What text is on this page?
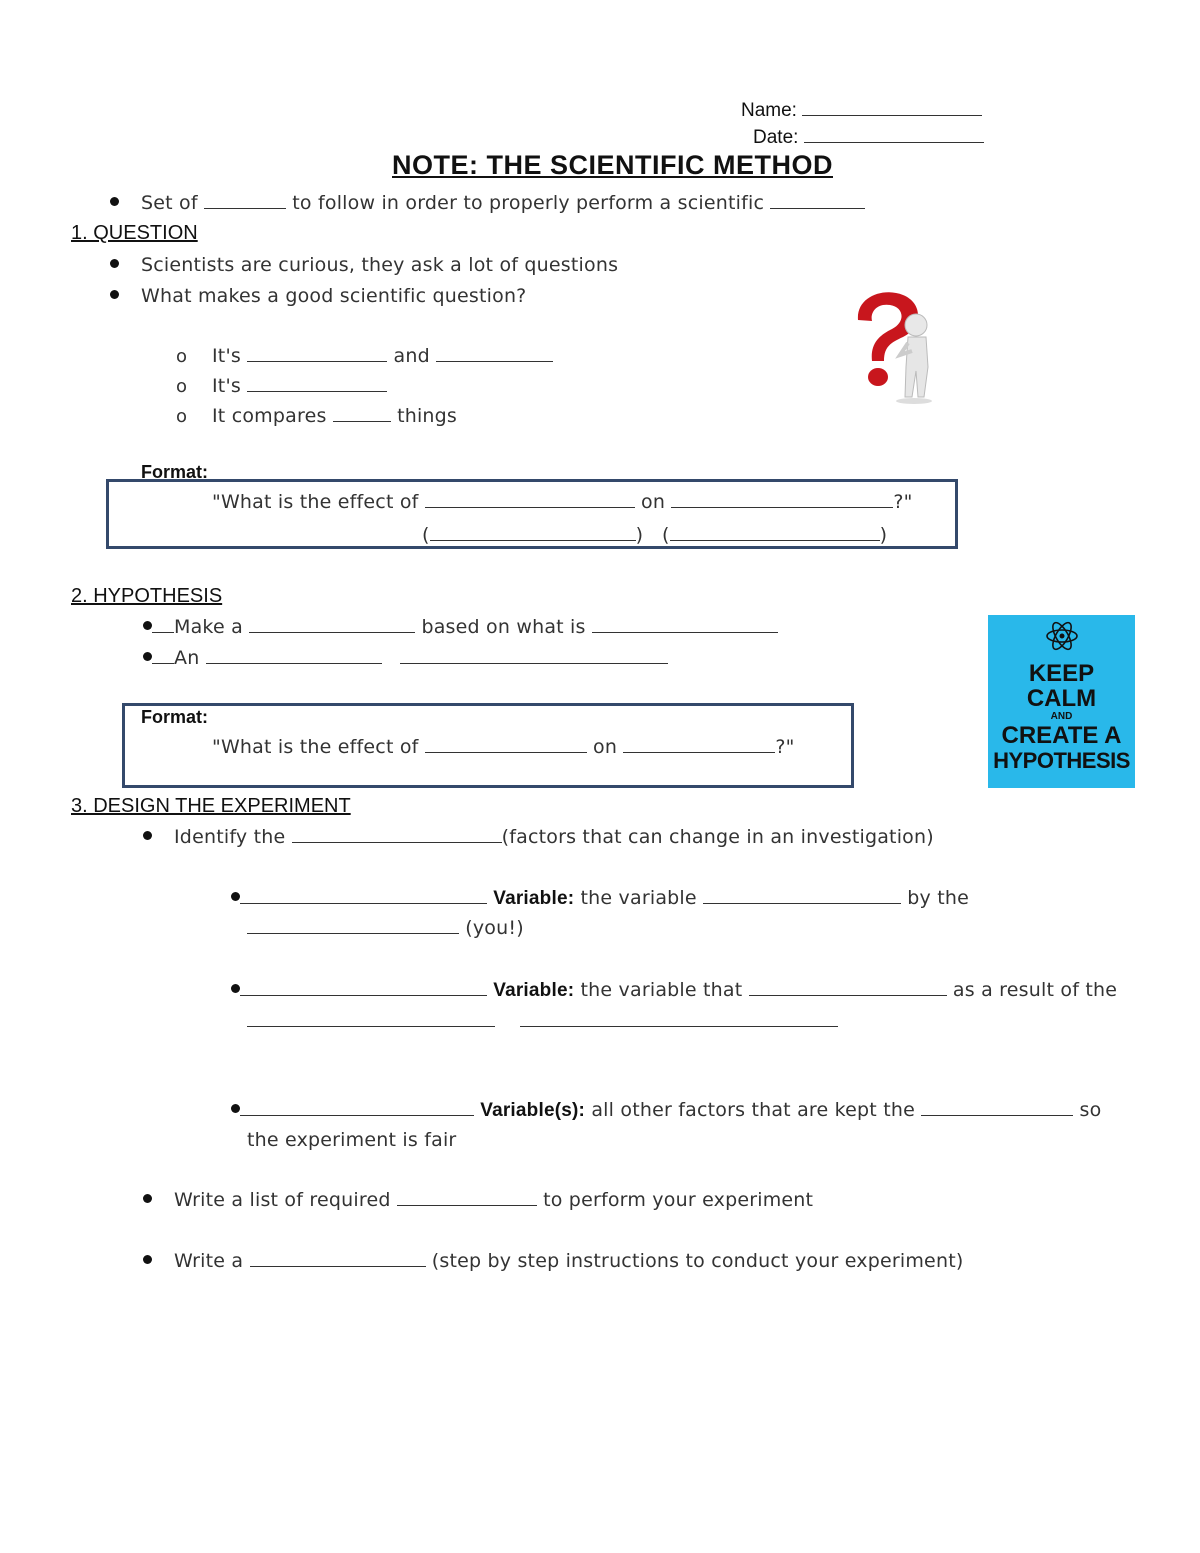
Name:
Date:
NOTE: THE SCIENTIFIC METHOD
Set of	to follow in order to properly perform a scientific
1. QUESTION
Scientists are curious, they ask a lot of questions
What makes a good scientific question?
o It's	and
o It's
o It compares	things
Format:
"What is the effect of	on	?"
(	) (	)
2. HYPOTHESIS
Make a	based on what is
An
KEEP
CALM
AND
CREATE A
HYPOTHESIS
Format:
"What is the effect of	on	?"
3. DESIGN THE EXPERIMENT
Identify the	(factors that can change in an investigation)
Variable: the variable	by the
(you!)
Variable: the variable that	as a result of the

Variable(s): all other factors that are kept the	so
the experiment is fair
Write a list of required	to perform your experiment
Write a	(step by step instructions to conduct your experiment)
